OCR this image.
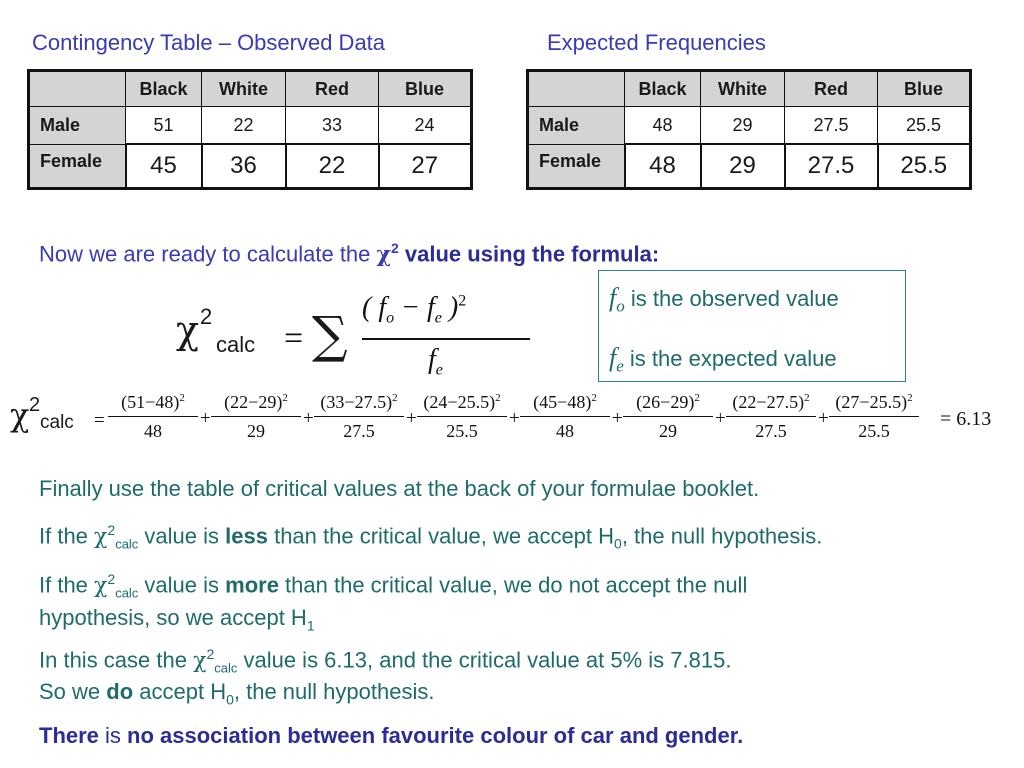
Contingency Table – Observed Data	Expected Frequencies
	Black	White	Red	Blue
Male	51	22	33	24
Female	45	36	22	27
	Black	White	Red	Blue
Male	48	29	27.5	25.5
Female	48	29	27.5	25.5
Now we are ready to calculate the $\chi^2$ value using the formula:
χ 2
calc = ∑ ( $f_o - f_e$ )$^2$
$f_e$
$f_o$ is the observed value
$f_e$ is the expected value
χ 2
calc =
$(51-48)^2$
48
+
$(22-29)^2$
29
+
$(33-27.5)^2$
27.5
+
$(24-25.5)^2$
25.5
+
$(45-48)^2$
48
+
$(26-29)^2$
29
+
$(22-27.5)^2$
27.5
+
$(27-25.5)^2$
25.5
= 6.13
Finally use the table of critical values at the back of your formulae booklet.
If the $\chi^2_{calc}$ value is less than the critical value, we accept $H_0$, the null hypothesis.
If the $\chi^2_{calc}$ value is more than the critical value, we do not accept the null
hypothesis, so we accept $H_1$
In this case the $\chi^2_{calc}$ value is 6.13, and the critical value at 5% is 7.815.
So we do accept $H_0$, the null hypothesis.
There is no association between favourite colour of car and gender.
